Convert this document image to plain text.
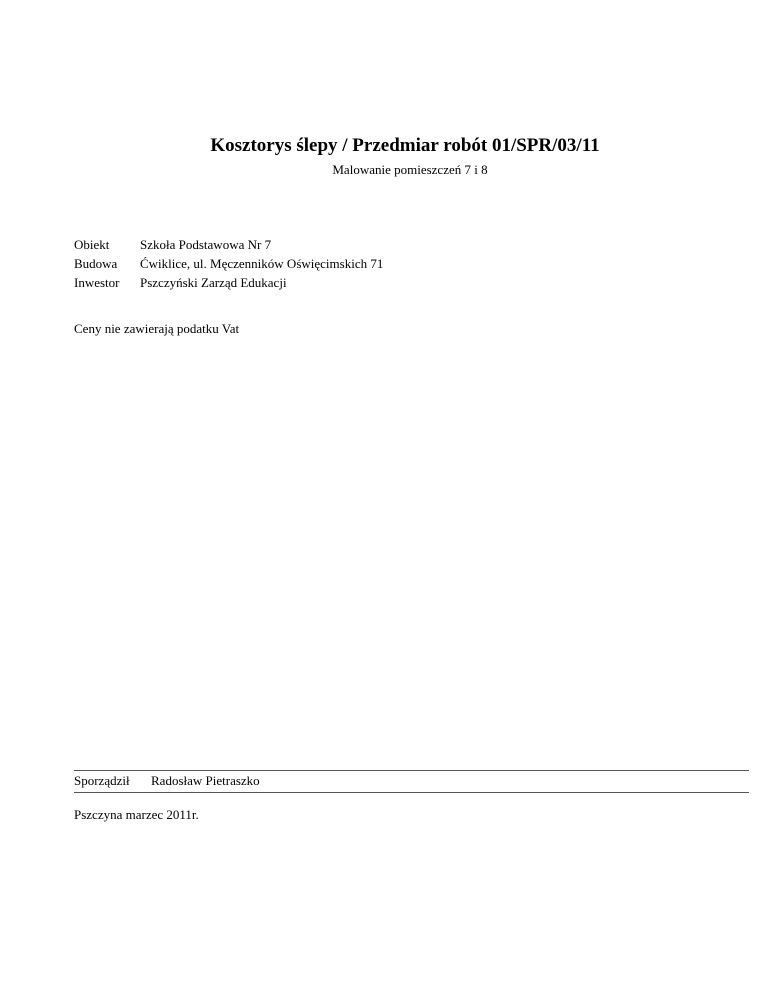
Kosztorys ślepy / Przedmiar robót 01/SPR/03/11
Malowanie pomieszczeń 7 i 8
Obiekt	Szkoła Podstawowa Nr 7
Budowa	Ćwiklice, ul. Męczenników Oświęcimskich 71
Inwestor	Pszczyński Zarząd Edukacji
Ceny nie zawierają podatku Vat
Sporządził	Radosław Pietraszko
Pszczyna marzec 2011r.
